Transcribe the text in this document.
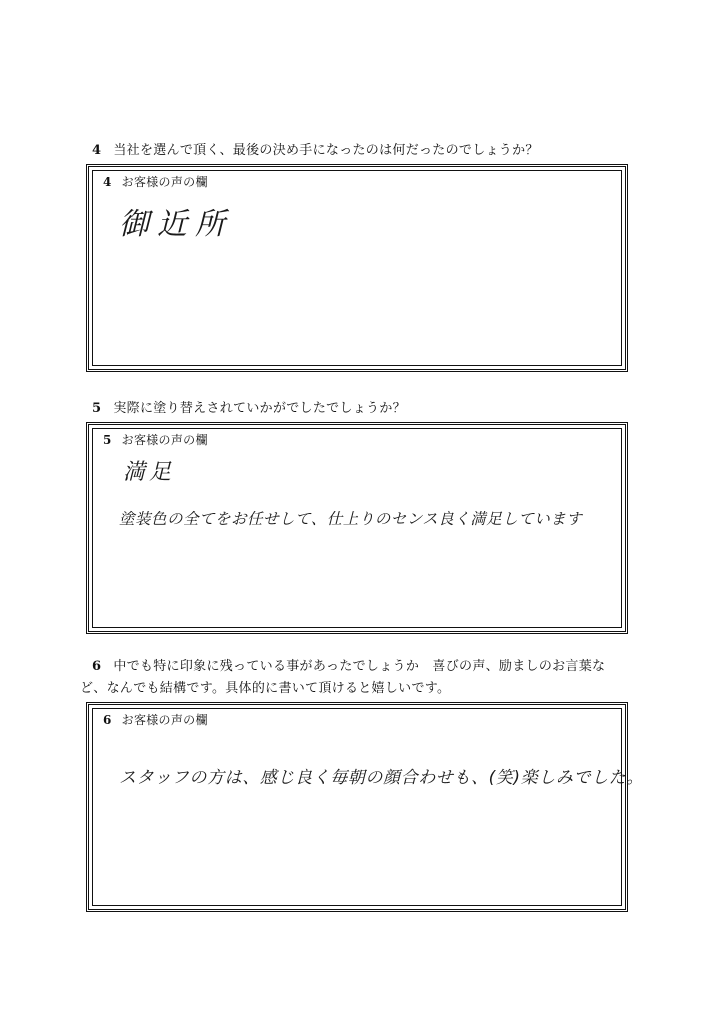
4 当社を選んで頂く、最後の決め手になったのは何だったのでしょうか？

4 お客様の声の欄
御近所

5 実際に塗り替えされていかがでしたでしょうか？

5 お客様の声の欄
満足
塗装色の全てをお任せして、仕上りのセンス良く満足しています

6 中でも特に印象に残っている事があったでしょうか　喜びの声、励ましのお言葉な
ど、なんでも結構です。具体的に書いて頂けると嬉しいです。

6 お客様の声の欄
スタッフの方は、感じ良く毎朝の顔合わせも、(笑)楽しみでした。
